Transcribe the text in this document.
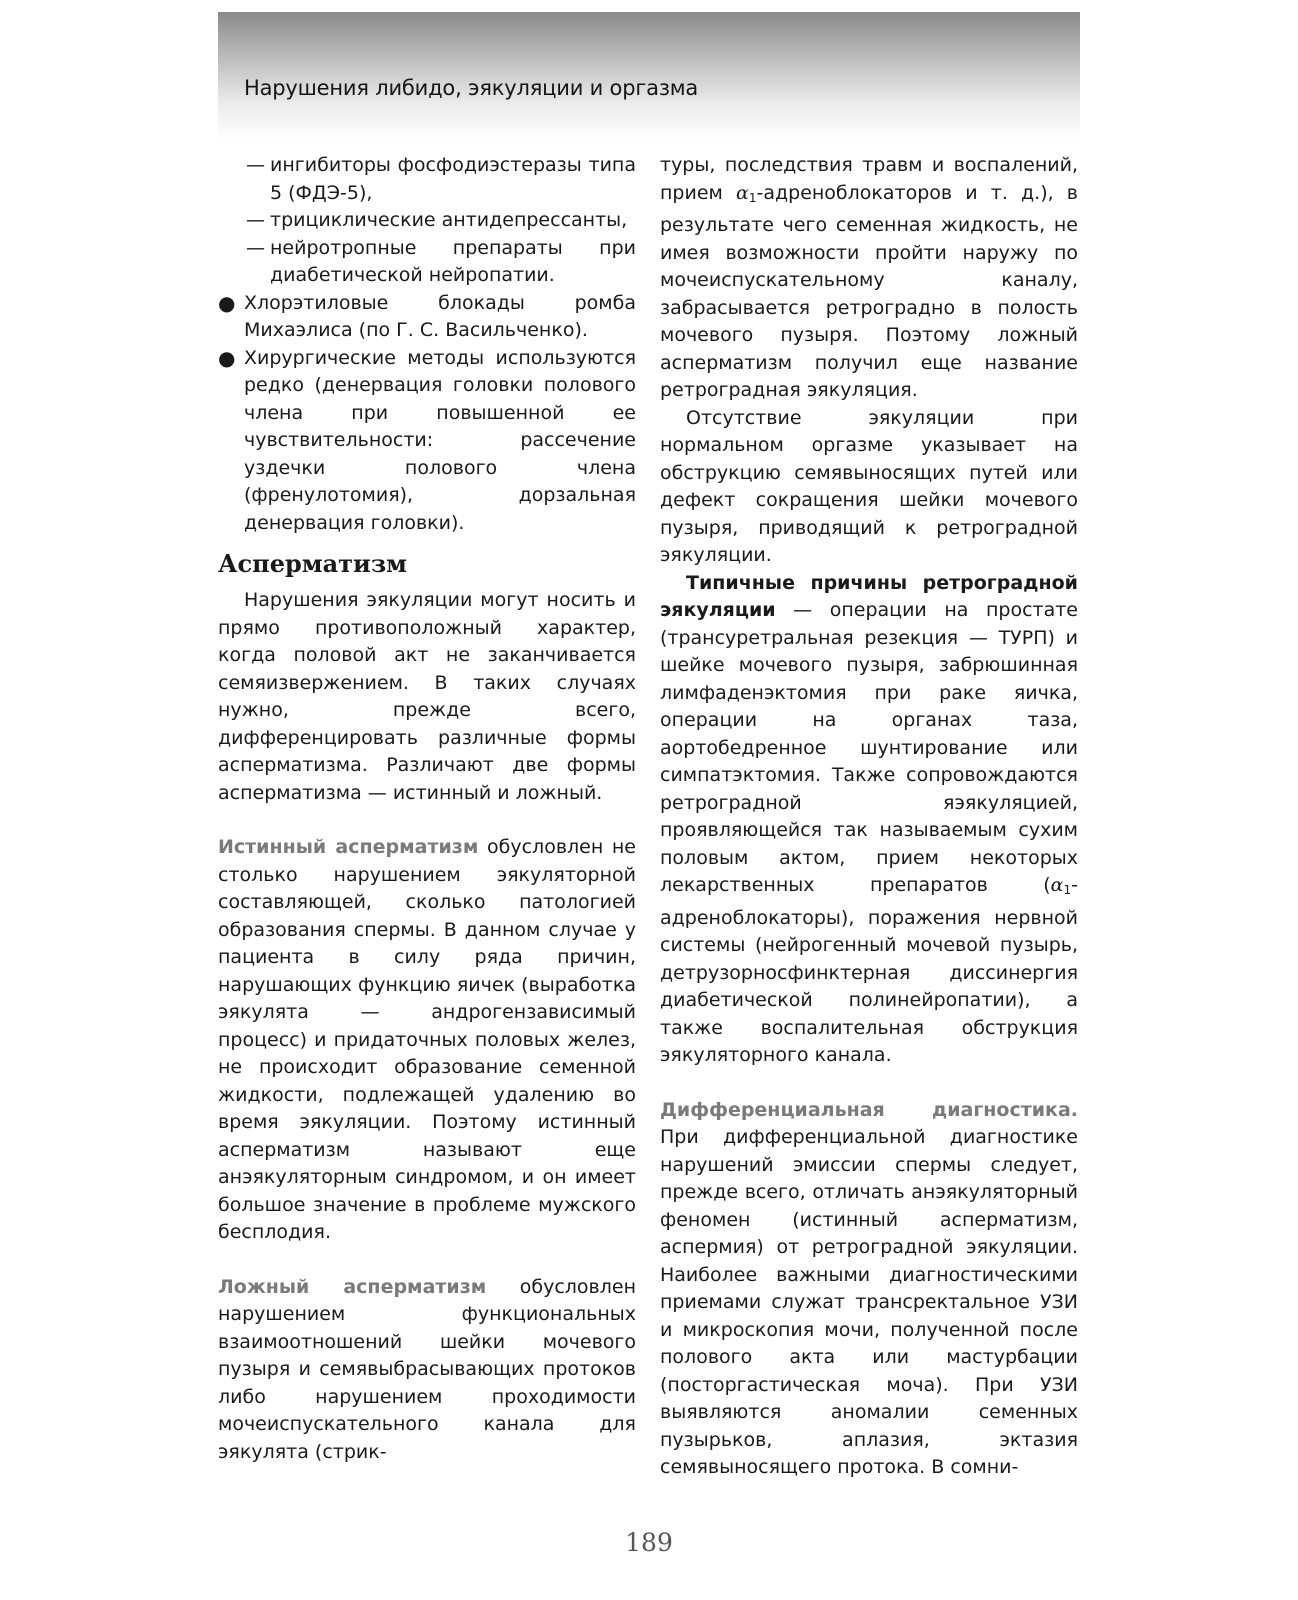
Нарушения либидо, эякуляции и оргазма

— ингибиторы фосфодиэстеразы типа 5 (ФДЭ-5),

— трициклические антидепрессанты,

— нейротропные препараты при диабетической нейропатии.

● Хлорэтиловые блокады ромба Михаэлиса (по Г. С. Васильченко).

● Хирургические методы используются редко (денервация головки полового члена при повышенной ее чувствительности: рассечение уздечки полового члена (френулотомия), дорзальная денервация головки).

Аспермaтизм

Нарушения эякуляции могут носить и прямо противоположный характер, когда половой акт не заканчивается семяизвержением. В таких случаях нужно, прежде всего, дифференцировать различные формы аспермaтизма. Различают две формы аспермaтизма — истинный и ложный.

Истинный аспермaтизм обусловлен не столько нарушением эякуляторной составляющей, сколько патологией образования спермы. В данном случае у пациента в силу ряда причин, нарушающих функцию яичек (выработка эякулята — андрогензависимый процесс) и придаточных половых желез, не происходит образование семенной жидкости, подлежащей удалению во время эякуляции. Поэтому истинный аспермaтизм называют еще анэякуляторным синдромом, и он имеет большое значение в проблеме мужского бесплодия.

Ложный аспермaтизм обусловлен нарушением функциональных взаимоотношений шейки мочевого пузыря и семявыбрасывающих протоков либо нарушением проходимости мочеиспускательного канала для эякулята (стрик-

туры, последствия травм и воспалений, прием $\alpha_1$-адреноблокаторов и т. д.), в результате чего семенная жидкость, не имея возможности пройти наружу по мочеиспускательному каналу, забрасывается ретроградно в полость мочевого пузыря. Поэтому ложный аспермaтизм получил еще название ретроградная эякуляция.

Отсутствие эякуляции при нормальном оргазме указывает на обструкцию семявыносящих путей или дефект сокращения шейки мочевого пузыря, приводящий к ретроградной эякуляции.

Типичные причины ретроградной эякуляции — операции на простате (трансуретральная резекция — ТУРП) и шейке мочевого пузыря, забрюшинная лимфаденэктомия при раке яичка, операции на органах таза, аортобедренное шунтирование или симпатэктомия. Также сопровождаются ретроградной яэякуляцией, проявляющейся так называемым сухим половым актом, прием некоторых лекарственных препаратов $(\alpha_1-адреноблокаторы)$, поражения нервной системы (нейрогенный мочевой пузырь, детрузорносфинктерная диссинергия диабетической полинейропатии), а также воспалительная обструкция эякуляторного канала.

Дифференциальная диагностика. При дифференциальной диагностике нарушений эмиссии спермы следует, прежде всего, отличать анэякуляторный феномен (истинный аспермaтизм, аспермия) от ретроградной эякуляции. Наиболее важными диагностическими приемами служат трансректальное УЗИ и микроскопия мочи, полученной после полового акта или мастурбации (посторгастическая моча). При УЗИ выявляются аномалии семенных пузырьков, аплазия, эктазия семявыносящего протока. В сомни-

189
